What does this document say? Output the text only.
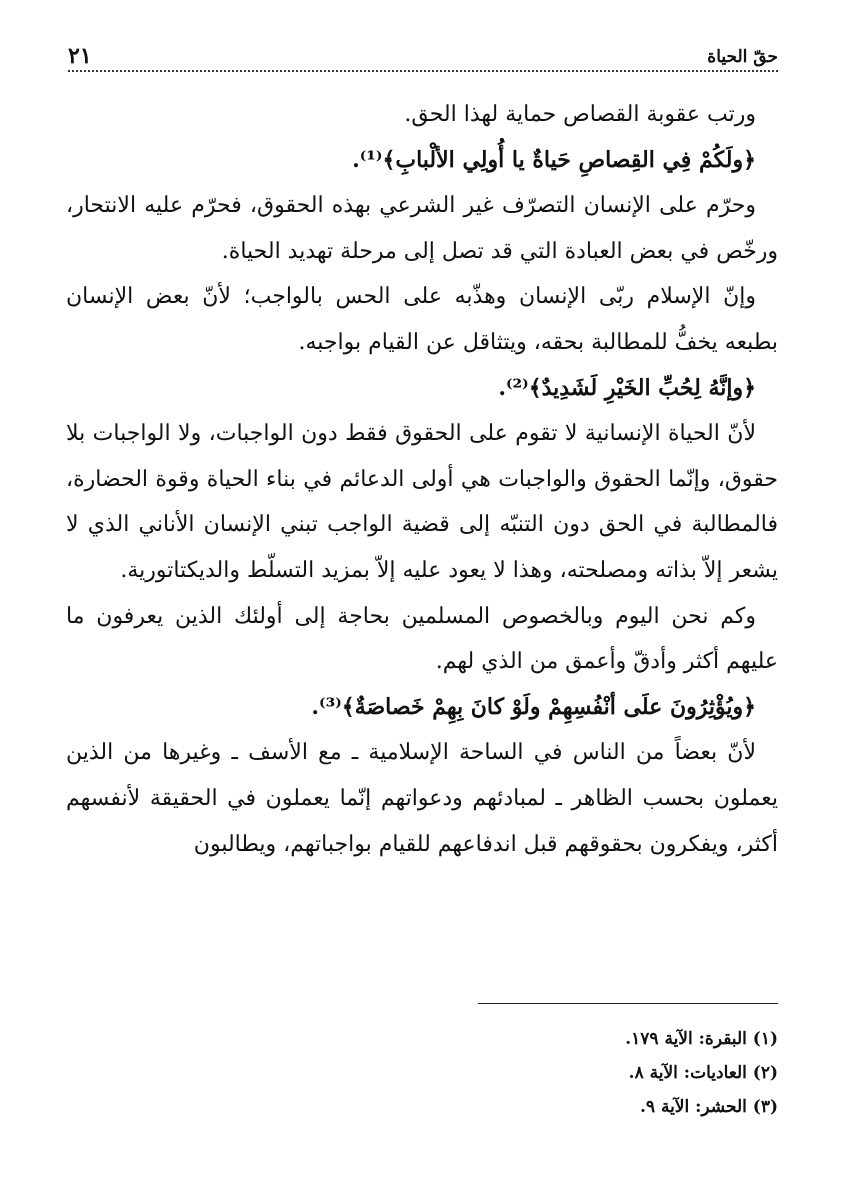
حقّ الحياة
٢١

ورتب عقوبة القصاص حماية لهذا الحق.

﴿ولَكُمْ فِي القِصاصِ حَياةٌ يا أُولِي الألْبابِ﴾⁽¹⁾.

وحرّم على الإنسان التصرّف غير الشرعي بهذه الحقوق، فحرّم عليه الانتحار، ورخّص في بعض العبادة التي قد تصل إلى مرحلة تهديد الحياة.

وإنّ الإسلام ربّى الإنسان وهذّبه على الحس بالواجب؛ لأنّ بعض الإنسان بطبعه يخفُّ للمطالبة بحقه، ويتثاقل عن القيام بواجبه.

﴿وإنَّهُ لِحُبِّ الخَيْرِ لَشَدِيدٌ﴾⁽²⁾.

لأنّ الحياة الإنسانية لا تقوم على الحقوق فقط دون الواجبات، ولا الواجبات بلا حقوق، وإنّما الحقوق والواجبات هي أولى الدعائم في بناء الحياة وقوة الحضارة، فالمطالبة في الحق دون التنبّه إلى قضية الواجب تبني الإنسان الأناني الذي لا يشعر إلاّ بذاته ومصلحته، وهذا لا يعود عليه إلاّ بمزيد التسلّط والديكتاتورية.

وكم نحن اليوم وبالخصوص المسلمين بحاجة إلى أولئك الذين يعرفون ما عليهم أكثر وأدقّ وأعمق من الذي لهم.

﴿ويُؤْثِرُونَ علَى أنْفُسِهِمْ ولَوْ كانَ بِهِمْ خَصاصَةٌ﴾⁽³⁾.

لأنّ بعضاً من الناس في الساحة الإسلامية ـ مع الأسف ـ وغيرها من الذين يعملون بحسب الظاهر ـ لمبادئهم ودعواتهم إنّما يعملون في الحقيقة لأنفسهم أكثر، ويفكرون بحقوقهم قبل اندفاعهم للقيام بواجباتهم، ويطالبون

(١) البقرة: الآية ١٧٩.
(٢) العاديات: الآية ٨.
(٣) الحشر: الآية ٩.
